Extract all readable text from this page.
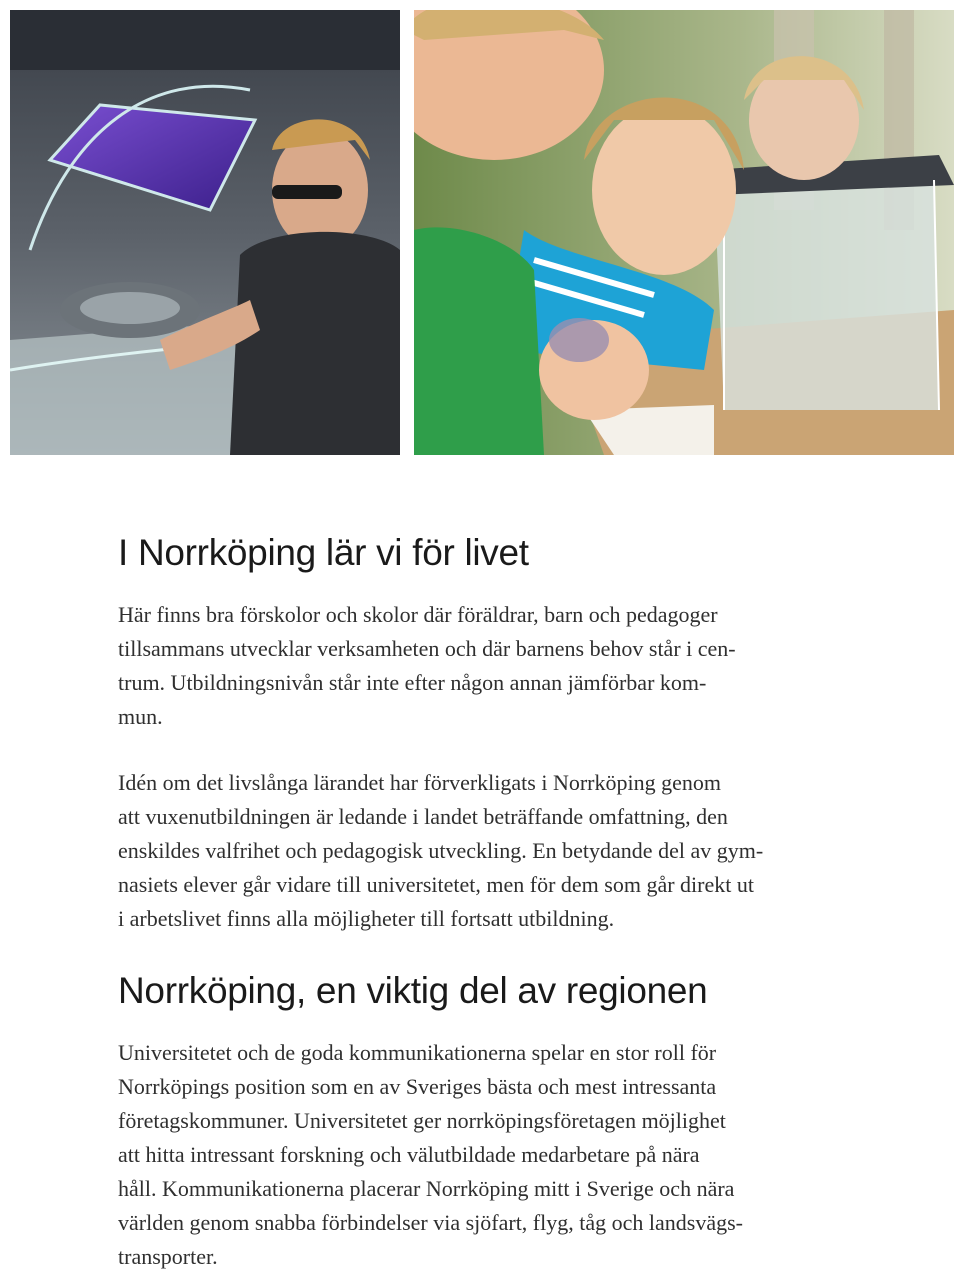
I Norrköping lär vi för livet

Här finns bra förskolor och skolor där föräldrar, barn och pedagoger
tillsammans utvecklar verksamheten och där barnens behov står i cen-
trum. Utbildningsnivån står inte efter någon annan jämförbar kom-
mun.

Idén om det livslånga lärandet har förverkligats i Norrköping genom
att vuxenutbildningen är ledande i landet beträffande omfattning, den
enskildes valfrihet och pedagogisk utveckling. En betydande del av gym-
nasiets elever går vidare till universitetet, men för dem som går direkt ut
i arbetslivet finns alla möjligheter till fortsatt utbildning.

Norrköping, en viktig del av regionen

Universitetet och de goda kommunikationerna spelar en stor roll för
Norrköpings position som en av Sveriges bästa och mest intressanta
företagskommuner. Universitetet ger norrköpingsföretagen möjlighet
att hitta intressant forskning och välutbildade medarbetare på nära
håll. Kommunikationerna placerar Norrköping mitt i Sverige och nära
världen genom snabba förbindelser via sjöfart, flyg, tåg och landsvägs-
transporter.
